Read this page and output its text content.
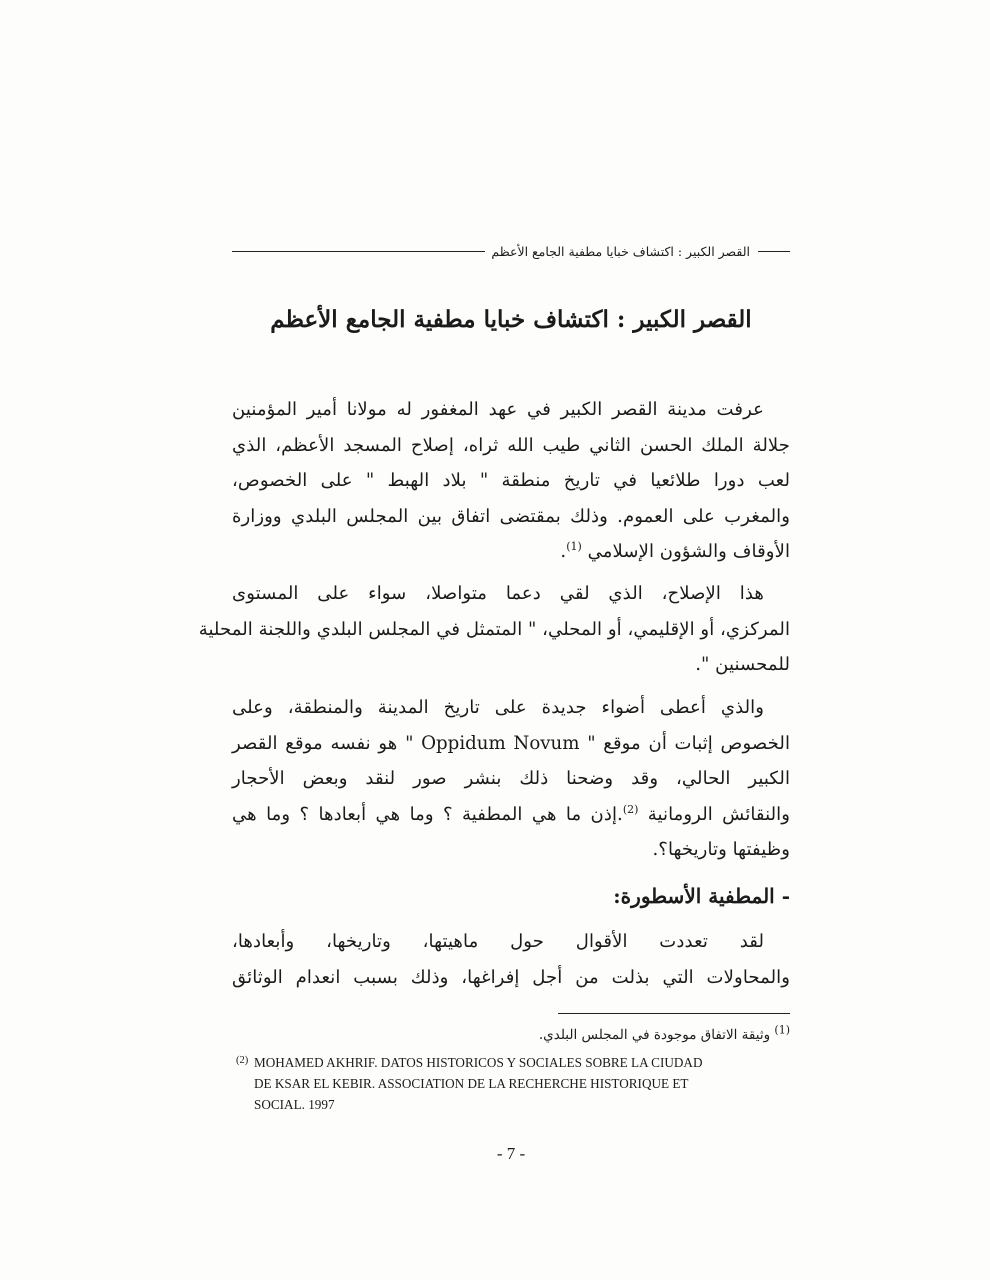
القصر الكبير : اكتشاف خبايا مطفية الجامع الأعظم
القصر الكبير : اكتشاف خبايا مطفية الجامع الأعظم
عرفت مدينة القصر الكبير في عهد المغفور له مولانا أمير المؤمنين
جلالة الملك الحسن الثاني طيب الله ثراه، إصلاح المسجد الأعظم، الذي
لعب دورا طلائعيا في تاريخ منطقة " بلاد الهبط " على الخصوص،
والمغرب على العموم. وذلك بمقتضى اتفاق بين المجلس البلدي ووزارة
الأوقاف والشؤون الإسلامي $^{(1)}$.
هذا الإصلاح، الذي لقي دعما متواصلا، سواء على المستوى
المركزي، أو الإقليمي، أو المحلي، " المتمثل في المجلس البلدي واللجنة المحلية
للمحسنين ".
والذي أعطى أضواء جديدة على تاريخ المدينة والمنطقة، وعلى
الخصوص إثبات أن موقع " Oppidum Novum " هو نفسه موقع القصر
الكبير الحالي، وقد وضحنا ذلك بنشر صور لنقد وبعض الأحجار
والنقائش الرومانية $^{(2)}$.إذن ما هي المطفية ؟ وما هي أبعادها ؟ وما هي
وظيفتها وتاريخها؟.
- المطفية الأسطورة:
لقد تعددت الأقوال حول ماهيتها، وتاريخها، وأبعادها،
والمحاولات التي بذلت من أجل إفراغها، وذلك بسبب انعدام الوثائق
$^{(1)}$ وثيقة الاتفاق موجودة في المجلس البلدي.
(2) MOHAMED AKHRIF. DATOS HISTORICOS Y SOCIALES SOBRE LA CIUDAD
DE KSAR EL KEBIR. ASSOCIATION DE LA RECHERCHE HISTORIQUE ET
SOCIAL. 1997
- 7 -
